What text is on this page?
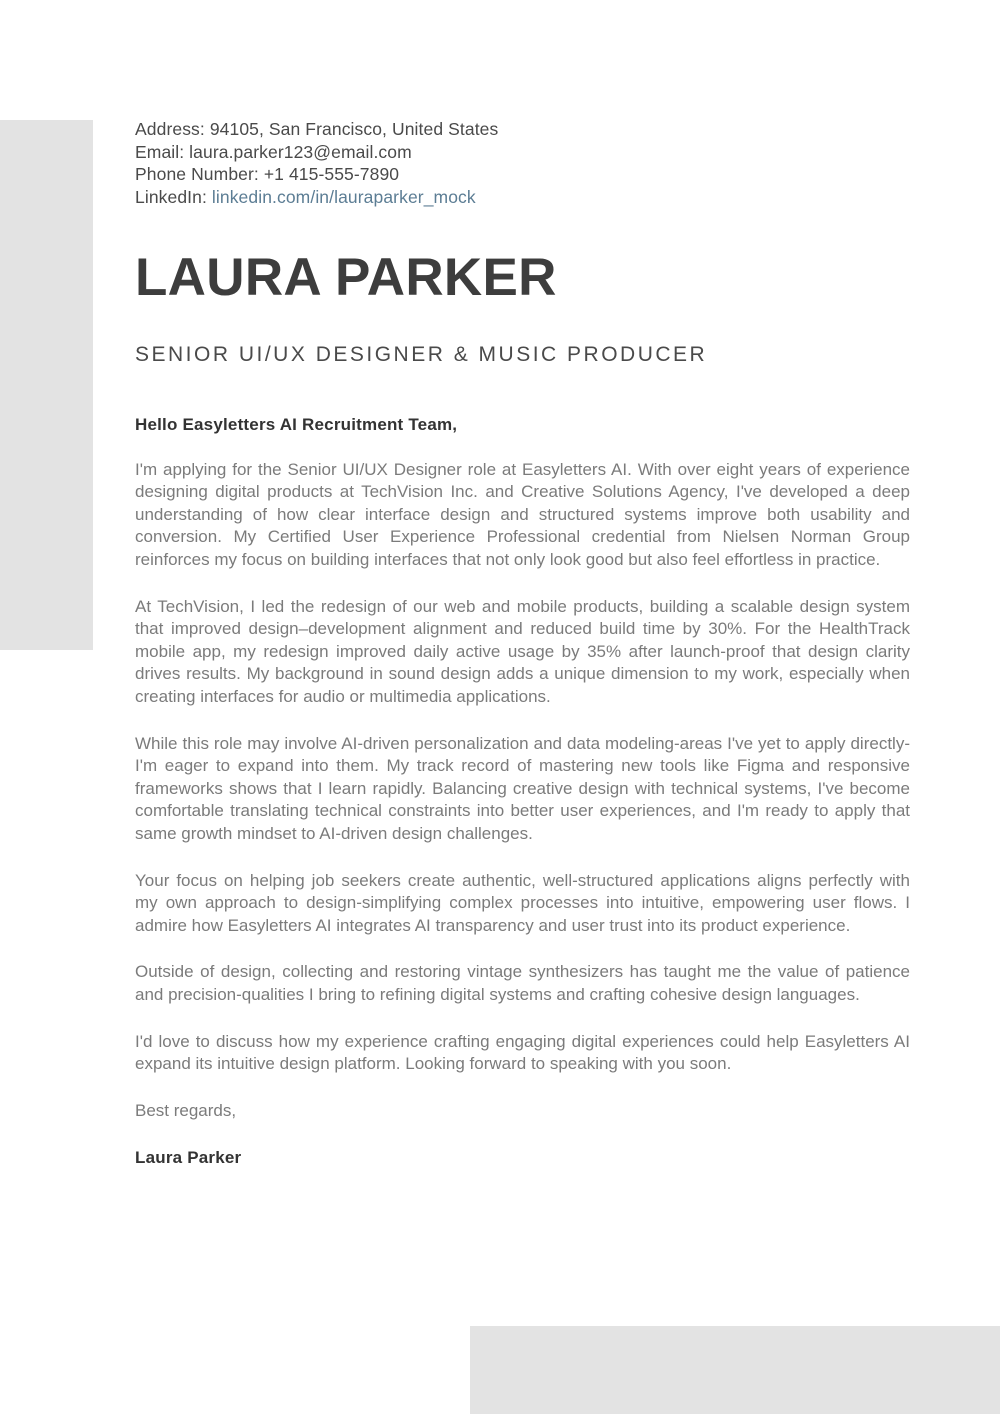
Address: 94105, San Francisco, United States
Email: laura.parker123@email.com
Phone Number: +1 415-555-7890
LinkedIn: linkedin.com/in/lauraparker_mock
LAURA PARKER
SENIOR UI/UX DESIGNER & MUSIC PRODUCER
Hello Easyletters AI Recruitment Team,

I'm applying for the Senior UI/UX Designer role at Easyletters AI. With over eight years of experience designing digital products at TechVision Inc. and Creative Solutions Agency, I've developed a deep understanding of how clear interface design and structured systems improve both usability and conversion. My Certified User Experience Professional credential from Nielsen Norman Group reinforces my focus on building interfaces that not only look good but also feel effortless in practice.

At TechVision, I led the redesign of our web and mobile products, building a scalable design system that improved design–development alignment and reduced build time by 30%. For the HealthTrack mobile app, my redesign improved daily active usage by 35% after launch-proof that design clarity drives results. My background in sound design adds a unique dimension to my work, especially when creating interfaces for audio or multimedia applications.

While this role may involve AI-driven personalization and data modeling-areas I've yet to apply directly-I'm eager to expand into them. My track record of mastering new tools like Figma and responsive frameworks shows that I learn rapidly. Balancing creative design with technical systems, I've become comfortable translating technical constraints into better user experiences, and I'm ready to apply that same growth mindset to AI-driven design challenges.

Your focus on helping job seekers create authentic, well-structured applications aligns perfectly with my own approach to design-simplifying complex processes into intuitive, empowering user flows. I admire how Easyletters AI integrates AI transparency and user trust into its product experience.

Outside of design, collecting and restoring vintage synthesizers has taught me the value of patience and precision-qualities I bring to refining digital systems and crafting cohesive design languages.

I'd love to discuss how my experience crafting engaging digital experiences could help Easyletters AI expand its intuitive design platform. Looking forward to speaking with you soon.

Best regards,
Laura Parker
